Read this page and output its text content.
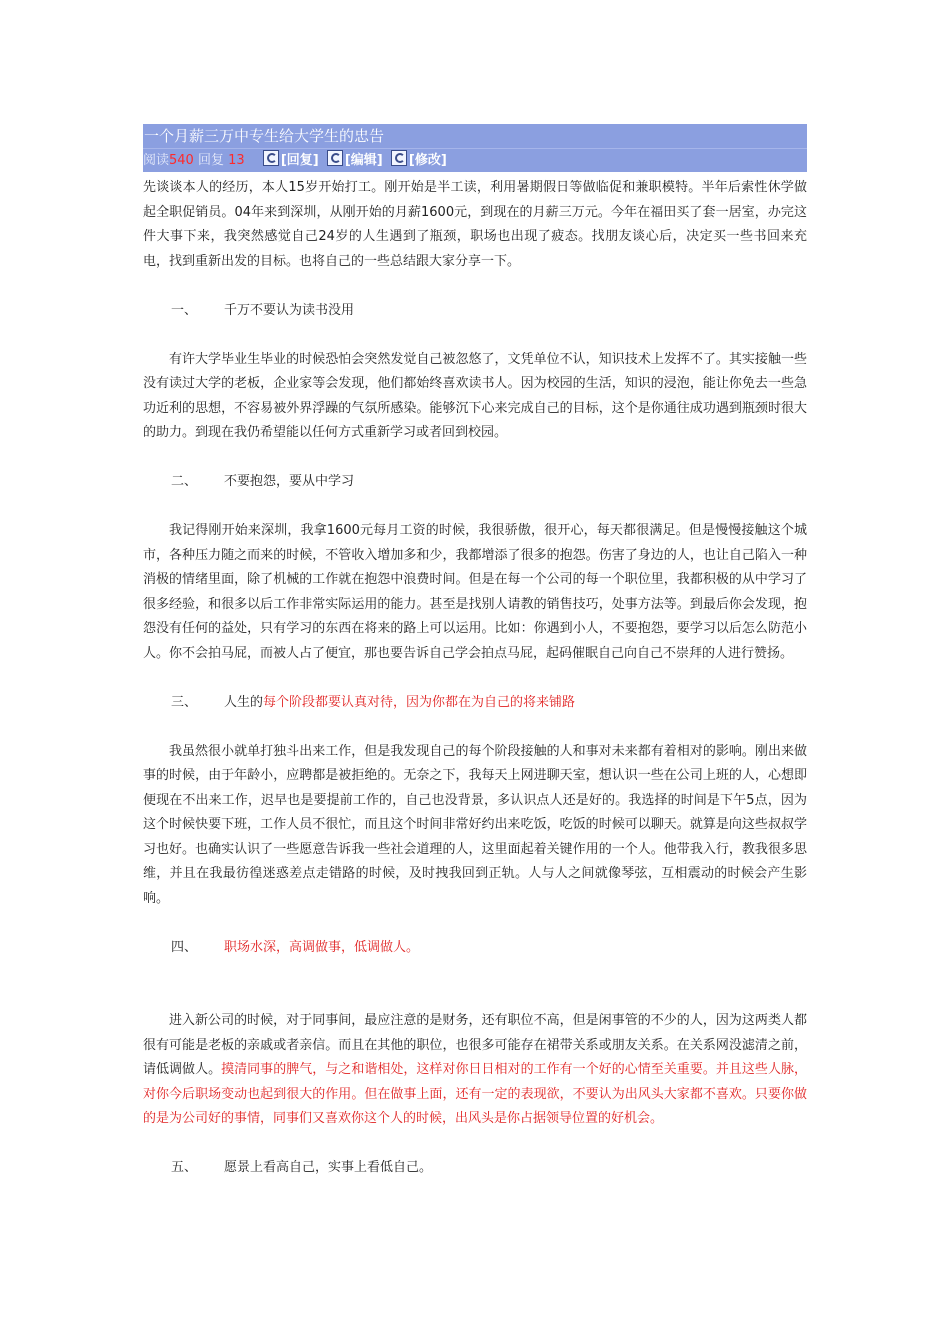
一个月薪三万中专生给大学生的忠告
阅读540 回复 13	[回复] [编辑] [修改]

先谈谈本人的经历，本人15岁开始打工。刚开始是半工读，利用暑期假日等做临促和兼职模特。半年后索性休学做起全职促销员。04年来到深圳，从刚开始的月薪1600元，到现在的月薪三万元。今年在福田买了套一居室，办完这件大事下来，我突然感觉自己24岁的人生遇到了瓶颈，职场也出现了疲态。找朋友谈心后，决定买一些书回来充电，找到重新出发的目标。也将自己的一些总结跟大家分享一下。

一、 千万不要认为读书没用

有许大学毕业生毕业的时候恐怕会突然发觉自己被忽悠了，文凭单位不认，知识技术上发挥不了。其实接触一些没有读过大学的老板，企业家等会发现，他们都始终喜欢读书人。因为校园的生活，知识的浸泡，能让你免去一些急功近利的思想，不容易被外界浮躁的气氛所感染。能够沉下心来完成自己的目标，这个是你通往成功遇到瓶颈时很大的助力。到现在我仍希望能以任何方式重新学习或者回到校园。

二、 不要抱怨，要从中学习

我记得刚开始来深圳，我拿1600元每月工资的时候，我很骄傲，很开心，每天都很满足。但是慢慢接触这个城市，各种压力随之而来的时候，不管收入增加多和少，我都增添了很多的抱怨。伤害了身边的人，也让自己陷入一种消极的情绪里面，除了机械的工作就在抱怨中浪费时间。但是在每一个公司的每一个职位里，我都积极的从中学习了很多经验，和很多以后工作非常实际运用的能力。甚至是找别人请教的销售技巧，处事方法等。到最后你会发现，抱怨没有任何的益处，只有学习的东西在将来的路上可以运用。比如：你遇到小人，不要抱怨，要学习以后怎么防范小人。你不会拍马屁，而被人占了便宜，那也要告诉自己学会拍点马屁，起码催眠自己向自己不崇拜的人进行赞扬。

三、 人生的每个阶段都要认真对待，因为你都在为自己的将来铺路

我虽然很小就单打独斗出来工作，但是我发现自己的每个阶段接触的人和事对未来都有着相对的影响。刚出来做事的时候，由于年龄小，应聘都是被拒绝的。无奈之下，我每天上网进聊天室，想认识一些在公司上班的人，心想即便现在不出来工作，迟早也是要提前工作的，自己也没背景，多认识点人还是好的。我选择的时间是下午5点，因为这个时候快要下班，工作人员不很忙，而且这个时间非常好约出来吃饭，吃饭的时候可以聊天。就算是向这些叔叔学习也好。也确实认识了一些愿意告诉我一些社会道理的人，这里面起着关键作用的一个人。他带我入行，教我很多思维，并且在我最彷徨迷惑差点走错路的时候，及时拽我回到正轨。人与人之间就像琴弦，互相震动的时候会产生影响。

四、 职场水深，高调做事，低调做人。

进入新公司的时候，对于同事间，最应注意的是财务，还有职位不高，但是闲事管的不少的人，因为这两类人都很有可能是老板的亲戚或者亲信。而且在其他的职位，也很多可能存在裙带关系或朋友关系。在关系网没滤清之前，请低调做人。摸清同事的脾气，与之和谐相处，这样对你日日相对的工作有一个好的心情至关重要。并且这些人脉，对你今后职场变动也起到很大的作用。但在做事上面，还有一定的表现欲，不要认为出风头大家都不喜欢。只要你做的是为公司好的事情，同事们又喜欢你这个人的时候，出风头是你占据领导位置的好机会。

五、 愿景上看高自己，实事上看低自己。
